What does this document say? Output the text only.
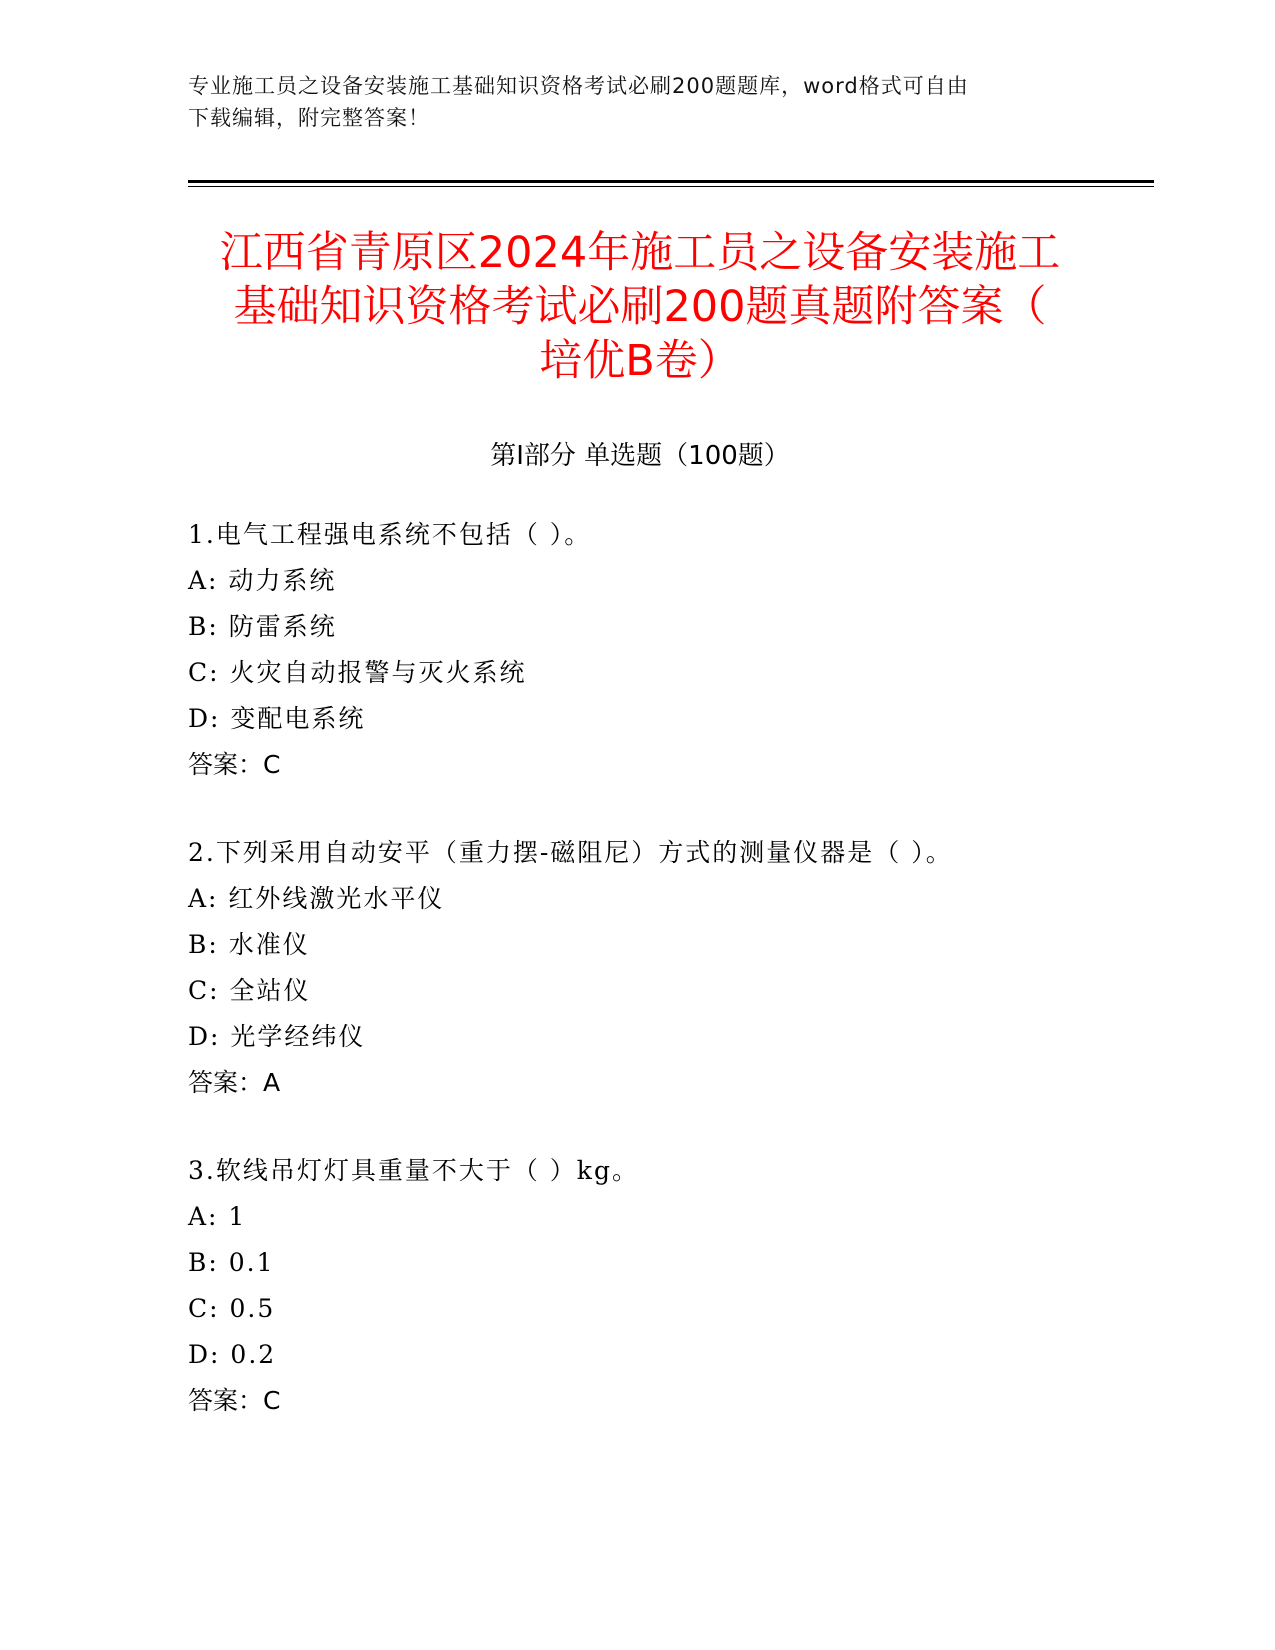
专业施工员之设备安装施工基础知识资格考试必刷200题题库，word格式可自由
下载编辑，附完整答案！
江西省青原区2024年施工员之设备安装施工
基础知识资格考试必刷200题真题附答案（
培优B卷）
第Ⅰ部分 单选题（100题）
1.电气工程强电系统不包括（ ）。
A: 动力系统
B: 防雷系统
C: 火灾自动报警与灭火系统
D: 变配电系统
答案：C
2.下列采用自动安平（重力摆-磁阻尼）方式的测量仪器是（ ）。
A: 红外线激光水平仪
B: 水准仪
C: 全站仪
D: 光学经纬仪
答案：A
3.软线吊灯灯具重量不大于（ ）kg。
A: 1
B: 0.1
C: 0.5
D: 0.2
答案：C
